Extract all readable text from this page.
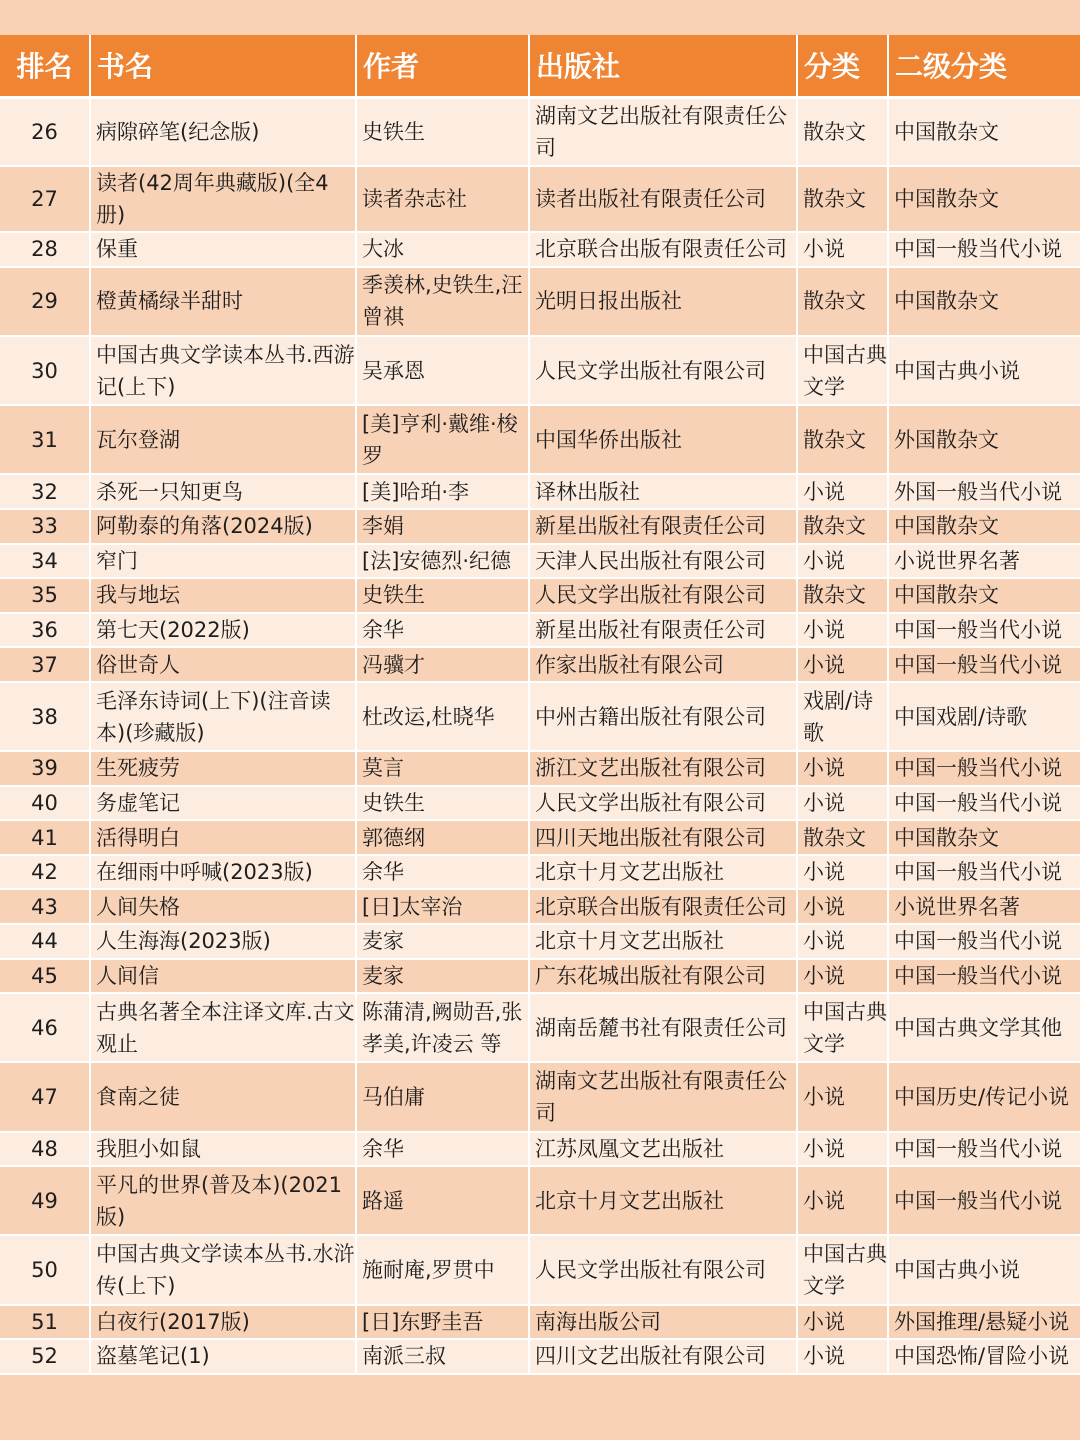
排名	书名	作者	出版社	分类	二级分类
26	病隙碎笔(纪念版)	史铁生	湖南文艺出版社有限责任公司	散杂文	中国散杂文
27	读者(42周年典藏版)(全4册)	读者杂志社	读者出版社有限责任公司	散杂文	中国散杂文
28	保重	大冰	北京联合出版有限责任公司	小说	中国一般当代小说
29	橙黄橘绿半甜时	季羡林,史铁生,汪曾祺	光明日报出版社	散杂文	中国散杂文
30	中国古典文学读本丛书.西游记(上下)	吴承恩	人民文学出版社有限公司	中国古典文学	中国古典小说
31	瓦尔登湖	[美]亨利·戴维·梭罗	中国华侨出版社	散杂文	外国散杂文
32	杀死一只知更鸟	[美]哈珀·李	译林出版社	小说	外国一般当代小说
33	阿勒泰的角落(2024版)	李娟	新星出版社有限责任公司	散杂文	中国散杂文
34	窄门	[法]安德烈·纪德	天津人民出版社有限公司	小说	小说世界名著
35	我与地坛	史铁生	人民文学出版社有限公司	散杂文	中国散杂文
36	第七天(2022版)	余华	新星出版社有限责任公司	小说	中国一般当代小说
37	俗世奇人	冯骥才	作家出版社有限公司	小说	中国一般当代小说
38	毛泽东诗词(上下)(注音读本)(珍藏版)	杜改运,杜晓华	中州古籍出版社有限公司	戏剧/诗歌	中国戏剧/诗歌
39	生死疲劳	莫言	浙江文艺出版社有限公司	小说	中国一般当代小说
40	务虚笔记	史铁生	人民文学出版社有限公司	小说	中国一般当代小说
41	活得明白	郭德纲	四川天地出版社有限公司	散杂文	中国散杂文
42	在细雨中呼喊(2023版)	余华	北京十月文艺出版社	小说	中国一般当代小说
43	人间失格	[日]太宰治	北京联合出版有限责任公司	小说	小说世界名著
44	人生海海(2023版)	麦家	北京十月文艺出版社	小说	中国一般当代小说
45	人间信	麦家	广东花城出版社有限公司	小说	中国一般当代小说
46	古典名著全本注译文库.古文观止	陈蒲清,阙勋吾,张孝美,许凌云 等	湖南岳麓书社有限责任公司	中国古典文学	中国古典文学其他
47	食南之徒	马伯庸	湖南文艺出版社有限责任公司	小说	中国历史/传记小说
48	我胆小如鼠	余华	江苏凤凰文艺出版社	小说	中国一般当代小说
49	平凡的世界(普及本)(2021版)	路遥	北京十月文艺出版社	小说	中国一般当代小说
50	中国古典文学读本丛书.水浒传(上下)	施耐庵,罗贯中	人民文学出版社有限公司	中国古典文学	中国古典小说
51	白夜行(2017版)	[日]东野圭吾	南海出版公司	小说	外国推理/悬疑小说
52	盗墓笔记(1)	南派三叔	四川文艺出版社有限公司	小说	中国恐怖/冒险小说
